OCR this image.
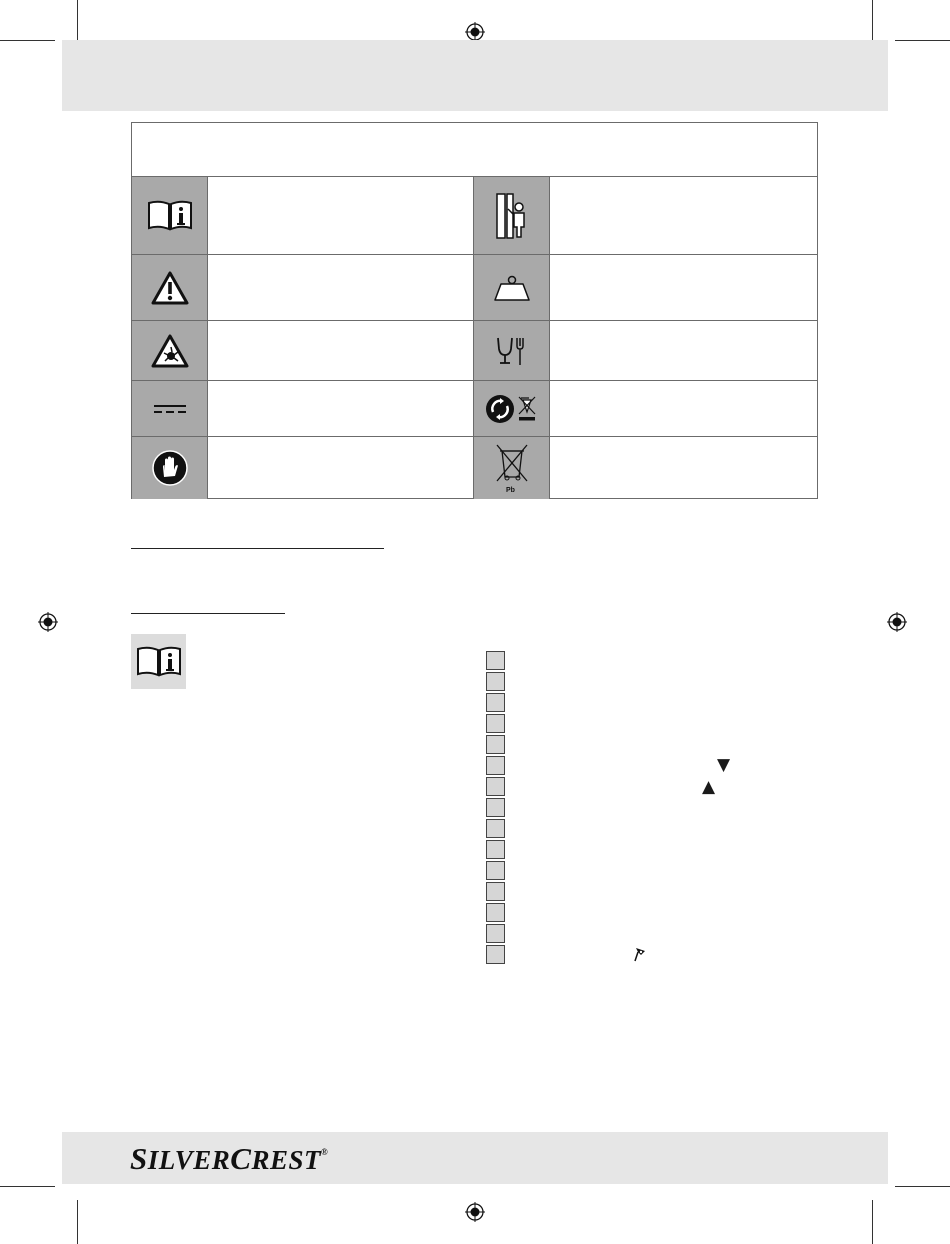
Pb
▼
▲
SILVERCREST®
